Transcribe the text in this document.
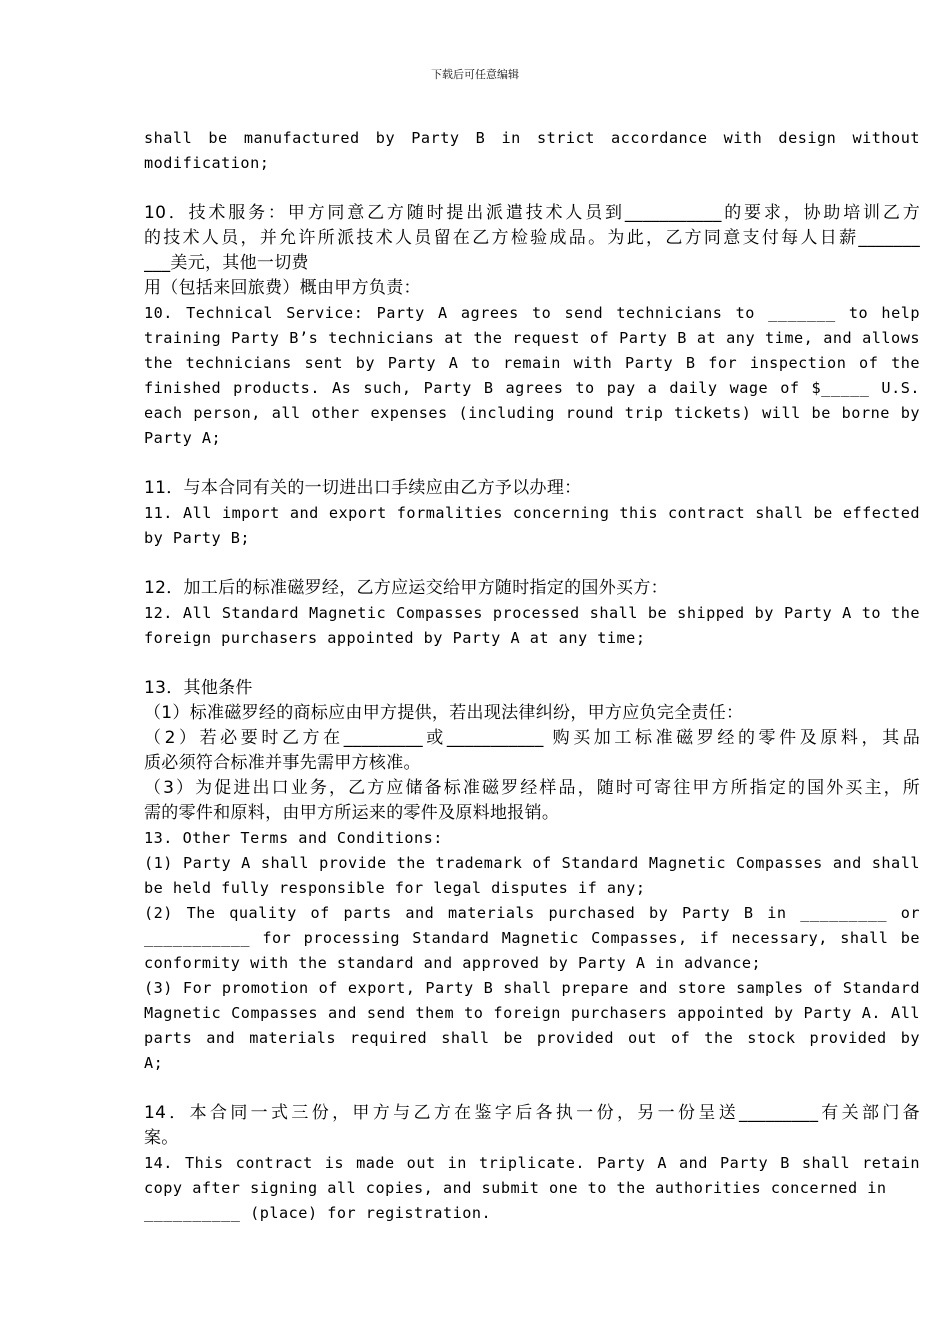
下载后可任意编辑
shall be manufactured by Party B in strict accordance with design without
modification;
10．技术服务：甲方同意乙方随时提出派遣技术人员到___________的要求，协助培训乙方
的技术人员，并允许所派技术人员留在乙方检验成品。为此，乙方同意支付每人日薪_______
___美元，其他一切费
用（包括来回旅费）概由甲方负责：
10. Technical Service: Party A agrees to send technicians to _______ to help
training Party B’s technicians at the request of Party B at any time, and allows
the technicians sent by Party A to remain with Party B for inspection of the
finished products. As such, Party B agrees to pay a daily wage of $_____ U.S.
each person, all other expenses (including round trip tickets) will be borne by
Party A;
11．与本合同有关的一切进出口手续应由乙方予以办理：
11. All import and export formalities concerning this contract shall be effected
by Party B;
12．加工后的标准磁罗经，乙方应运交给甲方随时指定的国外买方：
12. All Standard Magnetic Compasses processed shall be shipped by Party A to the
foreign purchasers appointed by Party A at any time;
13．其他条件
（1）标准磁罗经的商标应由甲方提供，若出现法律纠纷，甲方应负完全责任：
（2）若必要时乙方在_________或___________ 购买加工标准磁罗经的零件及原料，其品
质必须符合标准并事先需甲方核准。
（3）为促进出口业务，乙方应储备标准磁罗经样品，随时可寄往甲方所指定的国外买主，所
需的零件和原料，由甲方所运来的零件及原料地报销。
13. Other Terms and Conditions:
(1) Party A shall provide the trademark of Standard Magnetic Compasses and shall
be held fully responsible for legal disputes if any;
(2) The quality of parts and materials purchased by Party B in _________ or
___________ for processing Standard Magnetic Compasses, if necessary, shall be
conformity with the standard and approved by Party A in advance;
(3) For promotion of export, Party B shall prepare and store samples of Standard
Magnetic Compasses and send them to foreign purchasers appointed by Party A. All
parts and materials required shall be provided out of the stock provided by
A;
14．本合同一式三份，甲方与乙方在鉴字后各执一份，另一份呈送_________有关部门备
案。
14. This contract is made out in triplicate. Party A and Party B shall retain
copy after signing all copies, and submit one to the authorities concerned in
__________ (place) for registration.
